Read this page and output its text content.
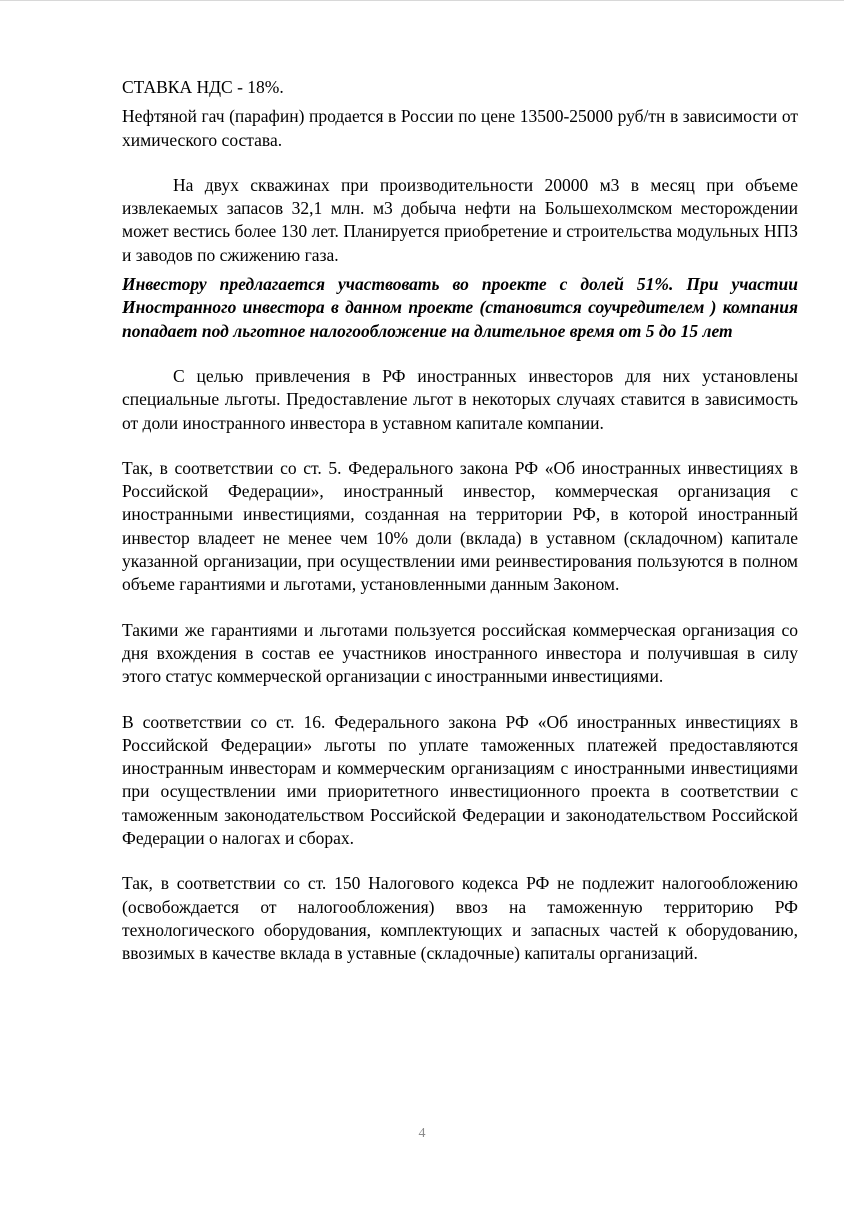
СТАВКА НДС - 18%.

Нефтяной гач (парафин) продается в России по цене 13500-25000 руб/тн в зависимости от химического состава.

На двух скважинах при производительности 20000 м3 в месяц при объеме извлекаемых запасов 32,1 млн. м3 добыча нефти на Большехолмском месторождении может вестись более 130 лет. Планируется приобретение и строительства модульных НПЗ и заводов по сжижению газа.

Инвестору предлагается участвовать во проекте с долей 51%. При участии Иностранного инвестора в данном проекте (становится соучредителем ) компания попадает под льготное налогообложение на длительное время от 5 до 15 лет

С целью привлечения в РФ иностранных инвесторов для них установлены специальные льготы. Предоставление льгот в некоторых случаях ставится в зависимость от доли иностранного инвестора в уставном капитале компании.

Так, в соответствии со ст. 5. Федерального закона РФ «Об иностранных инвестициях в Российской Федерации», иностранный инвестор, коммерческая организация с иностранными инвестициями, созданная на территории РФ, в которой иностранный инвестор владеет не менее чем 10% доли (вклада) в уставном (складочном) капитале указанной организации, при осуществлении ими реинвестирования пользуются в полном объеме гарантиями и льготами, установленными данным Законом.

Такими же гарантиями и льготами пользуется российская коммерческая организация со дня вхождения в состав ее участников иностранного инвестора и получившая в силу этого статус коммерческой организации с иностранными инвестициями.

В соответствии со ст. 16. Федерального закона РФ «Об иностранных инвестициях в Российской Федерации» льготы по уплате таможенных платежей предоставляются иностранным инвесторам и коммерческим организациям с иностранными инвестициями при осуществлении ими приоритетного инвестиционного проекта в соответствии с таможенным законодательством Российской Федерации и законодательством Российской Федерации о налогах и сборах.

Так, в соответствии со ст. 150 Налогового кодекса РФ не подлежит налогообложению (освобождается от налогообложения) ввоз на таможенную территорию РФ технологического оборудования, комплектующих и запасных частей к оборудованию, ввозимых в качестве вклада в уставные (складочные) капиталы организаций.

4
